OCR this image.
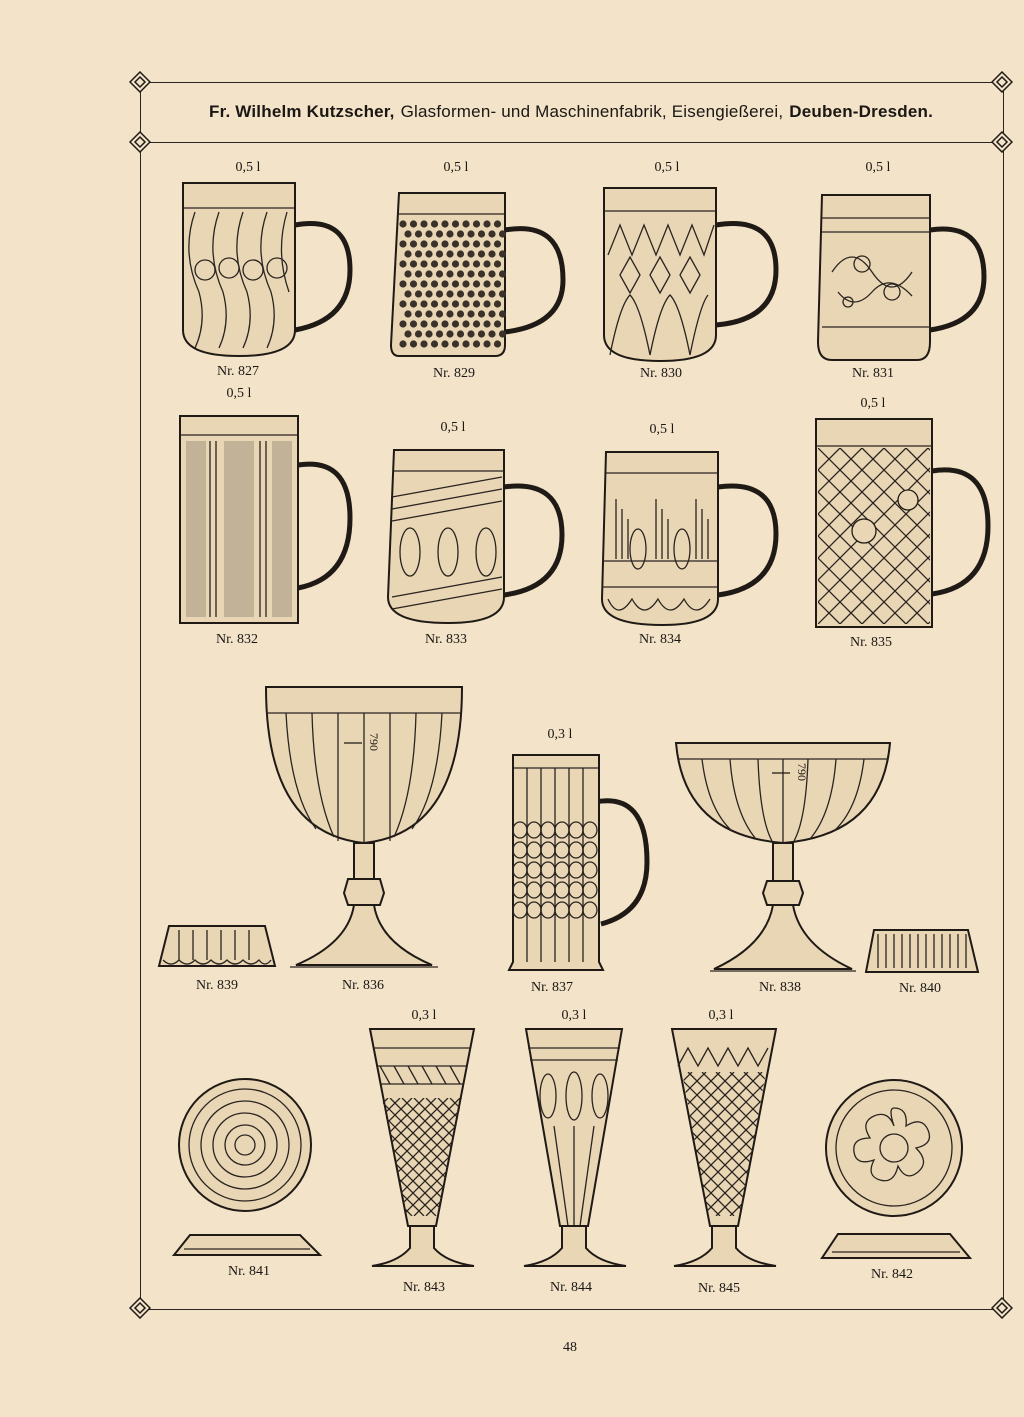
Fr. Wilhelm Kutzscher, Glasformen- und Maschinenfabrik, Eisengießerei, Deuben-Dresden.
0,5 l
Nr. 827
0,5 l
Nr. 829
0,5 l
Nr. 830
0,5 l
Nr. 831
0,5 l
Nr. 832
0,5 l
Nr. 833
0,5 l
Nr. 834
0,5 l
Nr. 835
Nr. 839
790
Nr. 836
0,3 l
Nr. 837
790
Nr. 838	Nr. 840
Nr. 841
0,3 l
Nr. 843
0,3 l
Nr. 844
0,3 l
Nr. 845
Nr. 842
48
